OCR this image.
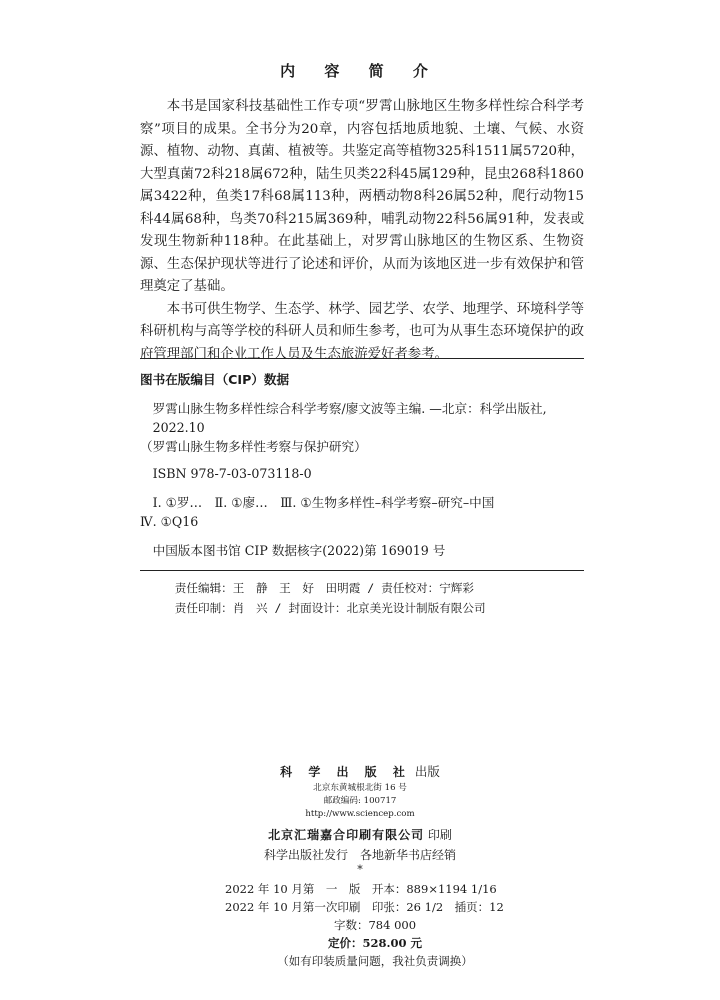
内 容 简 介

本书是国家科技基础性工作专项“罗霄山脉地区生物多样性综合科学考察”项目的成果。全书分为20章，内容包括地质地貌、土壤、气候、水资源、植物、动物、真菌、植被等。共鉴定高等植物325科1511属5720种，大型真菌72科218属672种，陆生贝类22科45属129种，昆虫268科1860属3422种，鱼类17科68属113种，两栖动物8科26属52种，爬行动物15科44属68种，鸟类70科215属369种，哺乳动物22科56属91种，发表或发现生物新种118种。在此基础上，对罗霄山脉地区的生物区系、生物资源、生态保护现状等进行了论述和评价，从而为该地区进一步有效保护和管理奠定了基础。

本书可供生物学、生态学、林学、园艺学、农学、地理学、环境科学等科研机构与高等学校的科研人员和师生参考，也可为从事生态环境保护的政府管理部门和企业工作人员及生态旅游爱好者参考。

图书在版编目（CIP）数据
罗霄山脉生物多样性综合科学考察/廖文波等主编. —北京：科学出版社, 2022.10
（罗霄山脉生物多样性考察与保护研究）
ISBN 978-7-03-073118-0
Ⅰ. ①罗…　Ⅱ. ①廖…　Ⅲ. ①生物多样性–科学考察–研究–中国
Ⅳ. ①Q16
中国版本图书馆 CIP 数据核字(2022)第 169019 号
责任编辑：王　静　王　好　田明霞 / 责任校对：宁辉彩
责任印制：肖　兴 / 封面设计：北京美光设计制版有限公司
科 学 出 版 社 出版
北京东黄城根北街 16 号
邮政编码: 100717
http://www.sciencep.com
北京汇瑞嘉合印刷有限公司 印刷
科学出版社发行　各地新华书店经销
*
2022 年 10 月第　一　版　开本：889×1194 1/16
2022 年 10 月第一次印刷　印张：26 1/2　插页：12
字数：784 000
定价：528.00 元
（如有印装质量问题，我社负责调换）
